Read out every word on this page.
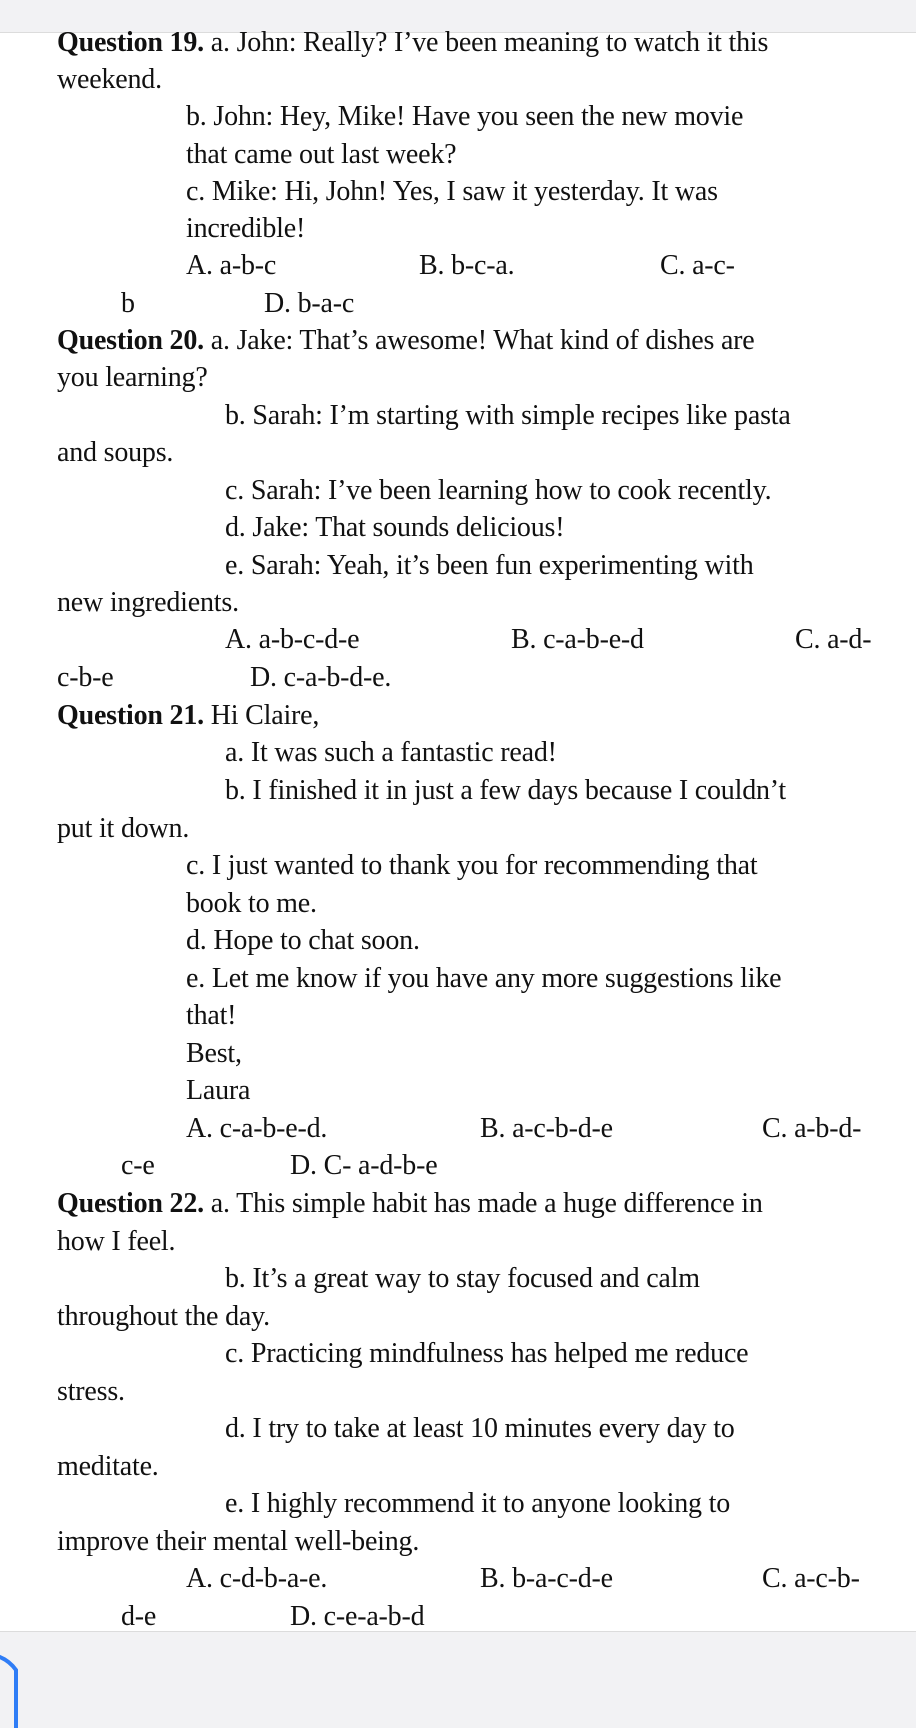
Question 19. a. John: Really? I’ve been meaning to watch it this
weekend.
b. John: Hey, Mike! Have you seen the new movie
that came out last week?
c. Mike: Hi, John! Yes, I saw it yesterday. It was
incredible!
A. a-b-c	B. b-c-a.	C. a-c-
b	D. b-a-c
Question 20. a. Jake: That’s awesome! What kind of dishes are
you learning?
b. Sarah: I’m starting with simple recipes like pasta
and soups.
c. Sarah: I’ve been learning how to cook recently.
d. Jake: That sounds delicious!
e. Sarah: Yeah, it’s been fun experimenting with
new ingredients.
A. a-b-c-d-e	B. c-a-b-e-d	C. a-d-
c-b-e	D. c-a-b-d-e.
Question 21. Hi Claire,
a. It was such a fantastic read!
b. I finished it in just a few days because I couldn’t
put it down.
c. I just wanted to thank you for recommending that
book to me.
d. Hope to chat soon.
e. Let me know if you have any more suggestions like
that!
Best,
Laura
A. c-a-b-e-d.	B. a-c-b-d-e	C. a-b-d-
c-e	D. C- a-d-b-e
Question 22. a. This simple habit has made a huge difference in
how I feel.
b. It’s a great way to stay focused and calm
throughout the day.
c. Practicing mindfulness has helped me reduce
stress.
d. I try to take at least 10 minutes every day to
meditate.
e. I highly recommend it to anyone looking to
improve their mental well-being.
A. c-d-b-a-e.	B. b-a-c-d-e	C. a-c-b-
d-e	D. c-e-a-b-d
